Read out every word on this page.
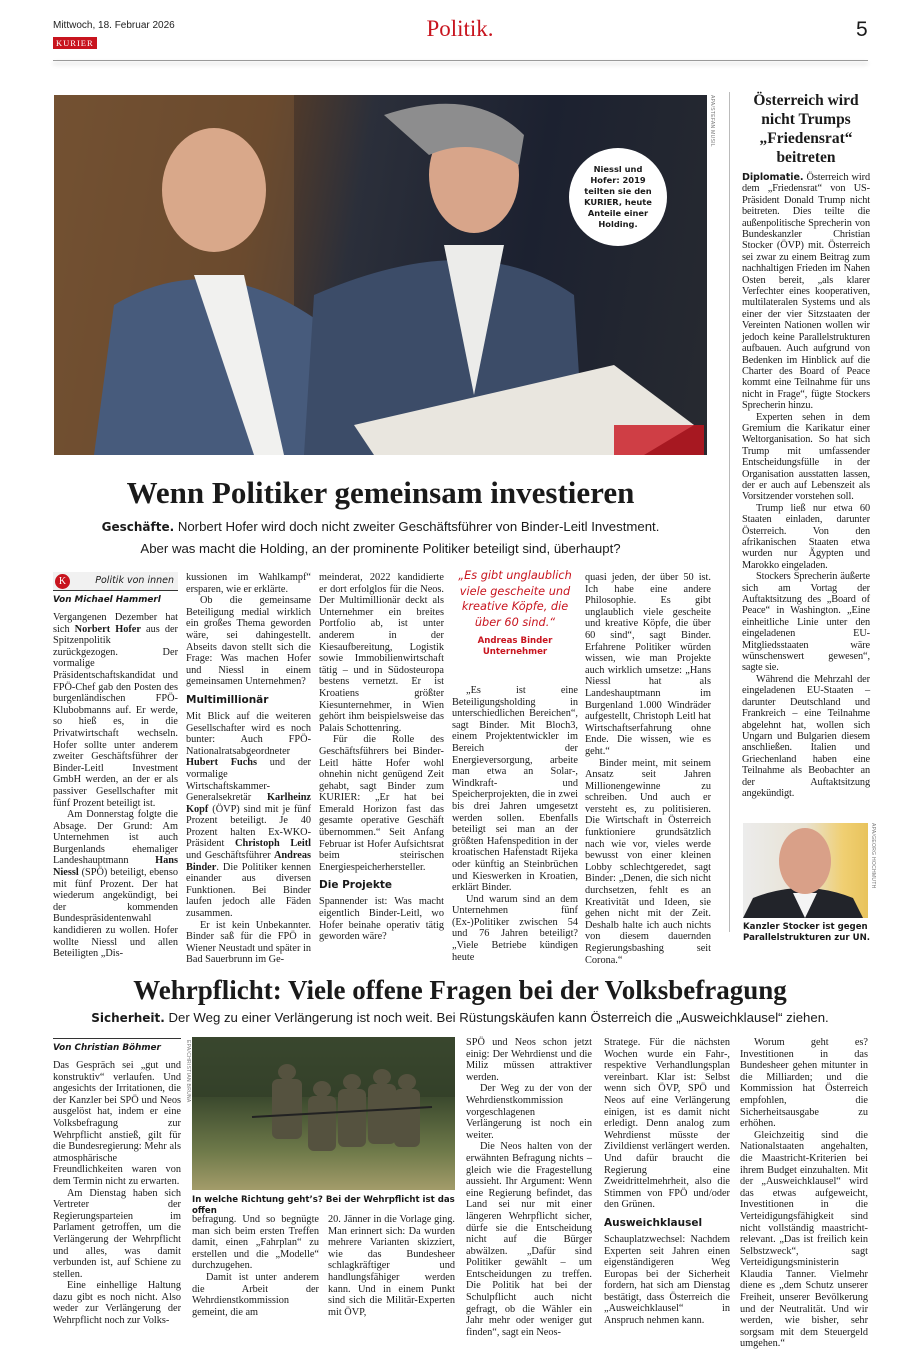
Mittwoch, 18. Februar 2026
KURIER
Politik.	5
Niessl und Hofer: 2019 teilten sie den KURIER, heute Anteile einer Holding.
APA/STEFAN MUSIL
Wenn Politiker gemeinsam investieren
Geschäfte. Norbert Hofer wird doch nicht zweiter Geschäftsführer von Binder-Leitl Investment.
Aber was macht die Holding, an der prominente Politiker beteiligt sind, überhaupt?
K	Politik von innen
Von Michael Hammerl

Vergangenen Dezember hat sich Norbert Hofer aus der Spitzenpolitik zurückgezogen. Der vormalige Präsidentschaftskandidat und FPÖ-Chef gab den Posten des burgenländischen FPÖ-Klubobmanns auf. Er werde, so hieß es, in die Privatwirtschaft wechseln. Hofer sollte unter anderem zweiter Geschäftsführer der Binder-Leitl Investment GmbH werden, an der er als passiver Gesellschafter mit fünf Prozent beteiligt ist.

Am Donnerstag folgte die Absage. Der Grund: Am Unternehmen ist auch Burgenlands ehemaliger Landeshauptmann Hans Niessl (SPÖ) beteiligt, ebenso mit fünf Prozent. Der hat wiederum angekündigt, bei der kommenden Bundespräsidentenwahl kandidieren zu wollen. Hofer wollte Niessl und allen Beteiligten „Dis-

kussionen im Wahlkampf“ ersparen, wie er erklärte.

Ob die gemeinsame Beteiligung medial wirklich ein großes Thema geworden wäre, sei dahingestellt. Abseits davon stellt sich die Frage: Was machen Hofer und Niessl in einem gemeinsamen Unternehmen?

Multimillionär

Mit Blick auf die weiteren Gesellschafter wird es noch bunter: Auch FPÖ-Nationalratsabgeordneter Hubert Fuchs und der vormalige Wirtschaftskammer-Generalsekretär Karlheinz Kopf (ÖVP) sind mit je fünf Prozent beteiligt. Je 40 Prozent halten Ex-WKO-Präsident Christoph Leitl und Geschäftsführer Andreas Binder. Die Politiker kennen einander aus diversen Funktionen. Bei Binder laufen jedoch alle Fäden zusammen.

Er ist kein Unbekannter. Binder saß für die FPÖ in Wiener Neustadt und später in Bad Sauerbrunn im Ge-

meinderat, 2022 kandidierte er dort erfolglos für die Neos. Der Multimillionär deckt als Unternehmer ein breites Portfolio ab, ist unter anderem in der Kiesaufbereitung, Logistik sowie Immobilienwirtschaft tätig – und in Südosteuropa bestens vernetzt. Er ist Kroatiens größter Kiesunternehmer, in Wien gehört ihm beispielsweise das Palais Schottenring.

Für die Rolle des Geschäftsführers bei Binder-Leitl hätte Hofer wohl ohnehin nicht genügend Zeit gehabt, sagt Binder zum KURIER: „Er hat bei Emerald Horizon fast das gesamte operative Geschäft übernommen.“ Seit Anfang Februar ist Hofer Aufsichtsrat beim steirischen Energiespeicherhersteller.

Die Projekte

Spannender ist: Was macht eigentlich Binder-Leitl, wo Hofer beinahe operativ tätig geworden wäre?

„Es gibt unglaublich viele gescheite und kreative Köpfe, die über 60 sind.“
Andreas Binder
Unternehmer

„Es ist eine Beteiligungsholding in unterschiedlichen Bereichen“, sagt Binder. Mit Bloch3, einem Projektentwickler im Bereich der Energieversorgung, arbeite man etwa an Solar-, Windkraft- und Speicherprojekten, die in zwei bis drei Jahren umgesetzt werden sollen. Ebenfalls beteiligt sei man an der größten Hafenspedition in der kroatischen Hafenstadt Rijeka oder künftig an Steinbrüchen und Kieswerken in Kroatien, erklärt Binder.

Und warum sind an dem Unternehmen fünf (Ex-)Politiker zwischen 54 und 76 Jahren beteiligt? „Viele Betriebe kündigen heute

quasi jeden, der über 50 ist. Ich habe eine andere Philosophie. Es gibt unglaublich viele gescheite und kreative Köpfe, die über 60 sind“, sagt Binder. Erfahrene Politiker würden wissen, wie man Projekte auch wirklich umsetze: „Hans Niessl hat als Landeshauptmann im Burgenland 1.000 Windräder aufgestellt, Christoph Leitl hat Wirtschaftserfahrung ohne Ende. Die wissen, wie es geht.“

Binder meint, mit seinem Ansatz seit Jahren Millionengewinne zu schreiben. Und auch er versteht es, zu politisieren. Die Wirtschaft in Österreich funktioniere grundsätzlich nach wie vor, vieles werde bewusst von einer kleinen Lobby schlechtgeredet, sagt Binder: „Denen, die sich nicht durchsetzen, fehlt es an Kreativität und Ideen, sie gehen nicht mit der Zeit. Deshalb halte ich auch nichts von diesem dauernden Regierungsbashing seit Corona.“

Österreich wird nicht Trumps „Friedensrat“ beitreten

Diplomatie. Österreich wird dem „Friedensrat“ von US-Präsident Donald Trump nicht beitreten. Dies teilte die außenpolitische Sprecherin von Bundeskanzler Christian Stocker (ÖVP) mit. Österreich sei zwar zu einem Beitrag zum nachhaltigen Frieden im Nahen Osten bereit, „als klarer Verfechter eines kooperativen, multilateralen Systems und als einer der vier Sitzstaaten der Vereinten Nationen wollen wir jedoch keine Parallelstrukturen aufbauen. Auch aufgrund von Bedenken im Hinblick auf die Charter des Board of Peace kommt eine Teilnahme für uns nicht in Frage“, fügte Stockers Sprecherin hinzu.

Experten sehen in dem Gremium die Karikatur einer Weltorganisation. So hat sich Trump mit umfassender Entscheidungsfülle in der Organisation ausstatten lassen, der er auch auf Lebenszeit als Vorsitzender vorstehen soll.

Trump ließ nur etwa 60 Staaten einladen, darunter Österreich. Von den afrikanischen Staaten etwa wurden nur Ägypten und Marokko eingeladen.

Stockers Sprecherin äußerte sich am Vortag der Auftaktsitzung des „Board of Peace“ in Washington. „Eine einheitliche Linie unter den eingeladenen EU-Mitgliedsstaaten wäre wünschenswert gewesen“, sagte sie.

Während die Mehrzahl der eingeladenen EU-Staaten – darunter Deutschland und Frankreich – eine Teilnahme abgelehnt hat, wollen sich Ungarn und Bulgarien diesem anschließen. Italien und Griechenland haben eine Teilnahme als Beobachter an der Auftaktsitzung angekündigt.

APA/GEORG HOCHMUTH
Kanzler Stocker ist gegen Parallelstrukturen zur UN.
Wehrpflicht: Viele offene Fragen bei der Volksbefragung
Sicherheit. Der Weg zu einer Verlängerung ist noch weit. Bei Rüstungskäufen kann Österreich die „Ausweichklausel“ ziehen.
Von Christian Böhmer

Das Gespräch sei „gut und konstruktiv“ verlaufen. Und angesichts der Irritationen, die der Kanzler bei SPÖ und Neos ausgelöst hat, indem er eine Volksbefragung zur Wehrpflicht anstieß, gilt für die Bundesregierung: Mehr als atmosphärische Freundlichkeiten waren von dem Termin nicht zu erwarten.

Am Dienstag haben sich Vertreter der Regierungsparteien im Parlament getroffen, um die Verlängerung der Wehrpflicht und alles, was damit verbunden ist, auf Schiene zu stellen.

Eine einhellige Haltung dazu gibt es noch nicht. Also weder zur Verlängerung der Wehrpflicht noch zur Volks-

EPA/CHRISTIAN BRUNA
In welche Richtung geht’s? Bei der Wehrpflicht ist das offen

befragung. Und so begnügte man sich beim ersten Treffen damit, einen „Fahrplan“ zu erstellen und die „Modelle“ durchzugehen.

Damit ist unter anderem die Arbeit der Wehrdienstkommission gemeint, die am

20. Jänner in die Vorlage ging. Man erinnert sich: Da wurden mehrere Varianten skizziert, wie das Bundesheer schlagkräftiger und handlungsfähiger werden kann. Und in einem Punkt sind sich die Militär-Experten mit ÖVP,

SPÖ und Neos schon jetzt einig: Der Wehrdienst und die Miliz müssen attraktiver werden.

Der Weg zu der von der Wehrdienstkommission vorgeschlagenen Verlängerung ist noch ein weiter.

Die Neos halten von der erwähnten Befragung nichts – gleich wie die Fragestellung aussieht. Ihr Argument: Wenn eine Regierung befindet, das Land sei nur mit einer längeren Wehrpflicht sicher, dürfe sie die Entscheidung nicht auf die Bürger abwälzen. „Dafür sind Politiker gewählt – um Entscheidungen zu treffen. Die Politik hat bei der Schulpflicht auch nicht gefragt, ob die Wähler ein Jahr mehr oder weniger gut finden“, sagt ein Neos-

Stratege. Für die nächsten Wochen wurde ein Fahr-, respektive Verhandlungsplan vereinbart. Klar ist: Selbst wenn sich ÖVP, SPÖ und Neos auf eine Verlängerung einigen, ist es damit nicht erledigt. Denn analog zum Wehrdienst müsste der Zivildienst verlängert werden. Und dafür braucht die Regierung eine Zweidrittelmehrheit, also die Stimmen von FPÖ und/oder den Grünen.

Ausweichklausel

Schauplatzwechsel: Nachdem Experten seit Jahren einen eigenständigeren Weg Europas bei der Sicherheit fordern, hat sich am Dienstag bestätigt, dass Österreich die „Ausweichklausel“ in Anspruch nehmen kann.

Worum geht es? Investitionen in das Bundesheer gehen mitunter in die Milliarden; und die Kommission hat Österreich empfohlen, die Sicherheitsausgabe zu erhöhen.

Gleichzeitig sind die Nationalstaaten angehalten, die Maastricht-Kriterien bei ihrem Budget einzuhalten. Mit der „Ausweichklausel“ wird das etwas aufgeweicht, Investitionen in die Verteidigungsfähigkeit sind nicht vollständig maastricht-relevant. „Das ist freilich kein Selbstzweck“, sagt Verteidigungsministerin Klaudia Tanner. Vielmehr diene es „dem Schutz unserer Freiheit, unserer Bevölkerung und der Neutralität. Und wir werden, wie bisher, sehr sorgsam mit dem Steuergeld umgehen.“
